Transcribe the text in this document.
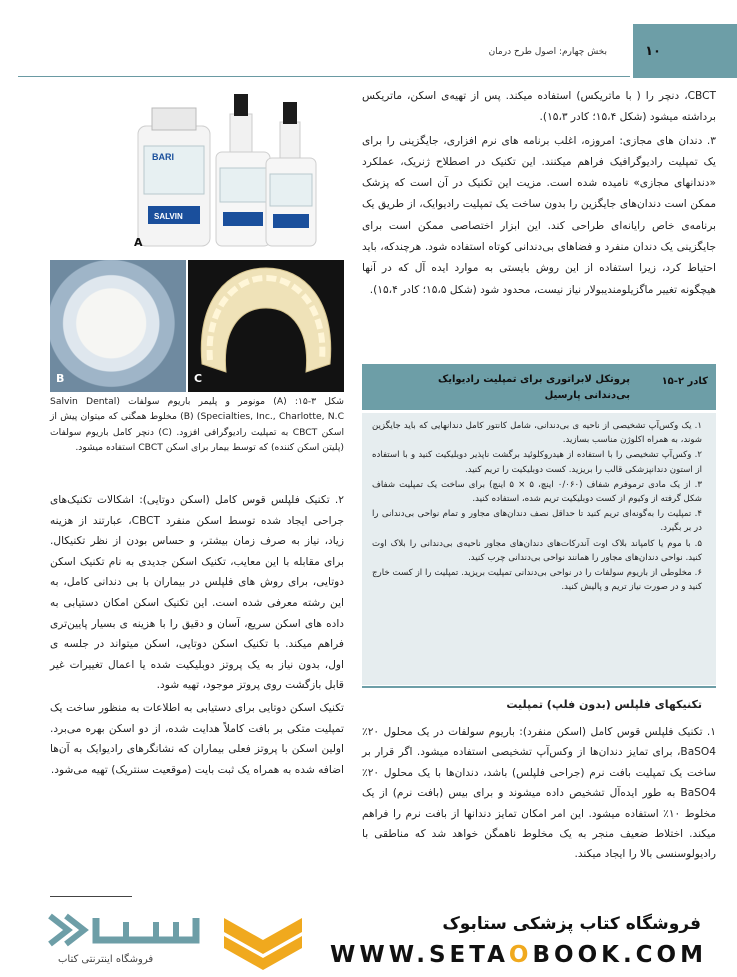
۱۰
بخش چهارم: اصول طرح درمان

CBCT، دنچر را ( با ماتریکس) استفاده میکند. پس از تهیه‌ی اسکن، ماتریکس برداشته میشود (شکل ۱۵،۴؛ کادر ۱۵،۳).

۳. دندان های مجازی: امروزه، اغلب برنامه های نرم افزاری، جایگزینی را برای یک تمپلیت رادیوگرافیک فراهم میکنند. این تکنیک در اصطلاح ژنریک، عملکرد «دندانهای مجازی» نامیده شده است. مزیت این تکنیک در آن است که پزشک ممکن است دندان‌های جایگزین را بدون ساخت یک تمپلیت رادیوایک، از طریق یک برنامه‌ی خاص رایانه‌ای طراحی کند. این ابزار اختصاصی ممکن است برای جایگزینی یک دندان منفرد و فضاهای بی‌دندانی کوتاه استفاده شود. هرچندکه، باید احتیاط کرد، زیرا استفاده از این روش بایستی به موارد ایده آل که در آنها هیچگونه تغییر ماگزیلومندیبولار نیاز نیست، محدود شود (شکل ۱۵،۵؛ کادر ۱۵،۴).

BARI
SALVIN
A
B	C
شکل ۳-۱۵: (A) مونومر و پلیمر باریوم سولفات (Salvin Dental Specialties, Inc., Charlotte, N.C) (B) مخلوط همگنی که میتوان پیش از اسکن CBCT به تمپلیت رادیوگرافی افزود. (C) دنچر کامل باریوم سولفات (پلیتن اسکن کننده) که توسط بیمار برای اسکن CBCT استفاده میشود.
کادر ۲-۱۵
پروتکل لابراتوری برای تمپلیت رادیوایک بی‌دندانی پارسیل
۱. یک وکس‌آپ تشخیصی از ناحیه ی بی‌دندانی، شامل کانتور کامل دندانهایی که باید جایگزین شوند، به همراه اکلوژن مناسب بسازید.
۲. وکس‌آپ تشخیصی را با استفاده از هیدروکلوئید برگشت ناپذیر دوبلیکیت کنید و با استفاده از استون دندانپزشکی قالب را بریزید. کست دوبلیکیت را تریم کنید.
۳. از یک مادی ترموفرم شفاف (۰/۰۶۰ اینچ، ۵ × ۵ اینچ) برای ساخت یک تمپلیت شفاف شکل گرفته از وکیوم از کست دوبلیکیت تریم شده، استفاده کنید.
۴. تمپلیت را به‌گونه‌ای تریم کنید تا حداقل نصف دندان‌های مجاور و تمام نواحی بی‌دندانی را در بر بگیرد.
۵. با موم یا کامپاند بلاک اوت آندرکات‌های دندان‌های مجاور ناحیه‌ی بی‌دندانی را بلاک اوت کنید. نواحی دندان‌های مجاور را همانند نواحی بی‌دندانی چرب کنید.
۶. مخلوطی از باریوم سولفات را در نواحی بی‌دندانی تمپلیت بریزید. تمپلیت را از کست خارج کنید و در صورت نیاز تریم و پالیش کنید.
تکنیکهای فلپلس (بدون فلپ) تمپلیت

۱. تکنیک فلپلس قوس کامل (اسکن منفرد): باریوم سولفات در یک محلول ۲۰٪ BaSO4، برای تمایز دندان‌ها از وکس‌آپ تشخیصی استفاده میشود. اگر قرار بر ساخت یک تمپلیت بافت نرم (جراحی فلپلس) باشد، دندان‌ها با یک محلول ۲۰٪ BaSO4 به طور ایده‌آل تشخیص داده میشوند و برای بیس (بافت نرم) از یک مخلوط ۱۰٪ استفاده میشود. این امر امکان تمایز دندانها از بافت نرم را فراهم میکند. اختلاط ضعیف منجر به یک مخلوط ناهمگن خواهد شد که مناطقی با رادیولوسنسی بالا را ایجاد میکند.

۲. تکنیک فلپلس قوس کامل (اسکن دوتایی): اشکالات تکنیک‌های جراحی ایجاد شده توسط اسکن منفرد CBCT، عبارتند از هزینه زیاد، نیاز به صرف زمان بیشتر، و حساس بودن از نظر تکنیکال. برای مقابله با این معایب، تکنیک اسکن جدیدی به نام تکنیک اسکن دوتایی، برای روش های فلپلس در بیماران با بی دندانی کامل، به این رشته معرفی شده است. این تکنیک اسکن امکان دستیابی به داده های اسکن سریع، آسان و دقیق را با هزینه ی بسیار پایین‌تری فراهم میکند. با تکنیک اسکن دوتایی، اسکن میتواند در جلسه ی اول، بدون نیاز به یک پروتز دوبلیکیت شده یا اعمال تغییرات غیر قابل بازگشت روی پروتز موجود، تهیه شود.

تکنیک اسکن دوتایی برای دستیابی به اطلاعات به منظور ساخت یک تمپلیت متکی بر بافت کاملاً هدایت شده، از دو اسکن بهره می‌برد. اولین اسکن با پروتز فعلی بیماران که نشانگرهای رادیوایک به آن‌ها اضافه شده به همراه یک ثبت بایت (موقعیت سنتریک) تهیه می‌شود.

فروشگاه اینترنتی کتاب
فروشگاه کتاب پزشکی ستابوک
WWW.SETAOBOOK.COM
